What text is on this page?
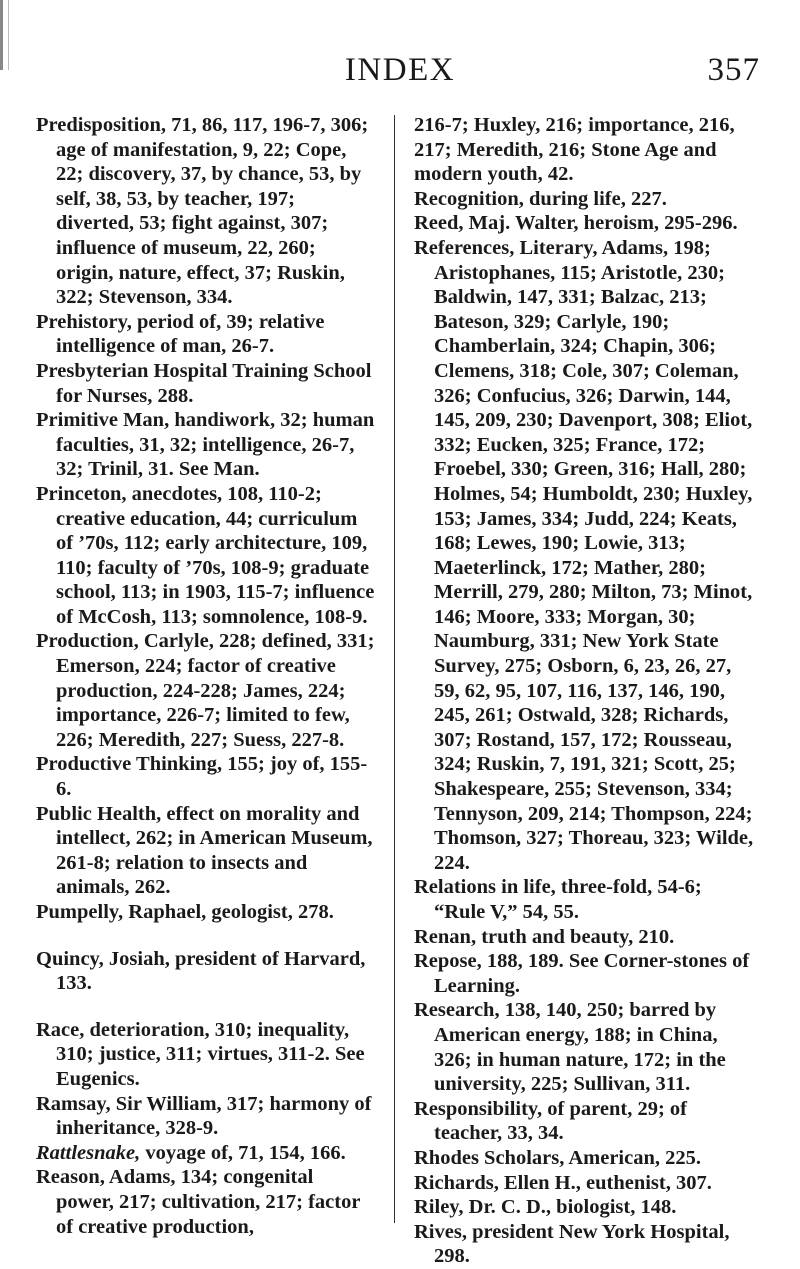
INDEX	357

Predisposition, 71, 86, 117, 196-7, 306; age of manifestation, 9, 22; Cope, 22; discovery, 37, by chance, 53, by self, 38, 53, by teacher, 197; diverted, 53; fight against, 307; influence of museum, 22, 260; origin, nature, effect, 37; Ruskin, 322; Stevenson, 334.

Prehistory, period of, 39; relative intelligence of man, 26-7.

Presbyterian Hospital Training School for Nurses, 288.

Primitive Man, handiwork, 32; human faculties, 31, 32; intelligence, 26-7, 32; Trinil, 31. See Man.

Princeton, anecdotes, 108, 110-2; creative education, 44; curriculum of ’70s, 112; early architecture, 109, 110; faculty of ’70s, 108-9; graduate school, 113; in 1903, 115-7; influence of McCosh, 113; somnolence, 108-9.

Production, Carlyle, 228; defined, 331; Emerson, 224; factor of creative production, 224-228; James, 224; importance, 226-7; limited to few, 226; Meredith, 227; Suess, 227-8.

Productive Thinking, 155; joy of, 155-6.

Public Health, effect on morality and intellect, 262; in American Museum, 261-8; relation to insects and animals, 262.

Pumpelly, Raphael, geologist, 278.

Quincy, Josiah, president of Harvard, 133.

Race, deterioration, 310; inequality, 310; justice, 311; virtues, 311-2. See Eugenics.

Ramsay, Sir William, 317; harmony of inheritance, 328-9.

Rattlesnake, voyage of, 71, 154, 166.

Reason, Adams, 134; congenital power, 217; cultivation, 217; factor of creative production,

216-7; Huxley, 216; importance, 216, 217; Meredith, 216; Stone Age and modern youth, 42.

Recognition, during life, 227.

Reed, Maj. Walter, heroism, 295-296.

References, Literary, Adams, 198; Aristophanes, 115; Aristotle, 230; Baldwin, 147, 331; Balzac, 213; Bateson, 329; Carlyle, 190; Chamberlain, 324; Chapin, 306; Clemens, 318; Cole, 307; Coleman, 326; Confucius, 326; Darwin, 144, 145, 209, 230; Davenport, 308; Eliot, 332; Eucken, 325; France, 172; Froebel, 330; Green, 316; Hall, 280; Holmes, 54; Humboldt, 230; Huxley, 153; James, 334; Judd, 224; Keats, 168; Lewes, 190; Lowie, 313; Maeterlinck, 172; Mather, 280; Merrill, 279, 280; Milton, 73; Minot, 146; Moore, 333; Morgan, 30; Naumburg, 331; New York State Survey, 275; Osborn, 6, 23, 26, 27, 59, 62, 95, 107, 116, 137, 146, 190, 245, 261; Ostwald, 328; Richards, 307; Rostand, 157, 172; Rousseau, 324; Ruskin, 7, 191, 321; Scott, 25; Shakespeare, 255; Stevenson, 334; Tennyson, 209, 214; Thompson, 224; Thomson, 327; Thoreau, 323; Wilde, 224.

Relations in life, three-fold, 54-6; “Rule V,” 54, 55.

Renan, truth and beauty, 210.

Repose, 188, 189. See Corner-stones of Learning.

Research, 138, 140, 250; barred by American energy, 188; in China, 326; in human nature, 172; in the university, 225; Sullivan, 311.

Responsibility, of parent, 29; of teacher, 33, 34.

Rhodes Scholars, American, 225.

Richards, Ellen H., euthenist, 307.

Riley, Dr. C. D., biologist, 148.

Rives, president New York Hospital, 298.
